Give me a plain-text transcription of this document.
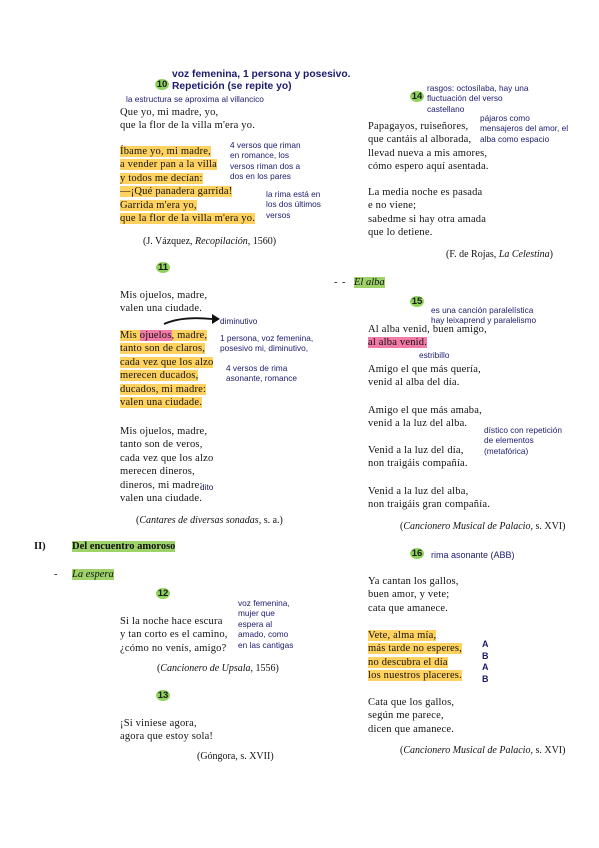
voz femenina, 1 persona y posesivo.
Repetición (se repite yo)
10
la estructura se aproxima al villancico
Que yo, mi madre, yo,
que la flor de la villa m'era yo.
Íbame yo, mi madre,
a vender pan a la villa
y todos me decían:
—¡Qué panadera garrida!
Garrida m'era yo,
que la flor de la villa m'era yo.
4 versos que riman
en romance, los
versos riman dos a
dos en los pares
la rima está en
los dos últimos
versos
(J. Vázquez, Recopilación, 1560)
11
Mis ojuelos, madre,
valen una ciudade.
diminutivo
Mis ojuelos, madre,
tanto son de claros,
cada vez que los alzo
merecen ducados,
ducados, mi madre:
valen una ciudade.
1 persona, voz femenina,
posesivo mi, diminutivo,
4 versos de rima
asonante, romance
Mis ojuelos, madre,
tanto son de veros,
cada vez que los alzo
merecen dineros,
dineros, mi madre:
valen una ciudade.
dito
(Cantares de diversas sonadas, s. a.)
II)	Del encuentro amoroso
- La espera
12
Si la noche hace escura
y tan corto es el camino,
¿cómo no venís, amigo?
voz femenina,
mujer que
espera al
amado, como
en las cantigas
(Cancionero de Upsala, 1556)
13
¡Si viniese agora,
agora que estoy sola!
(Góngora, s. XVII)
rasgos: octosílaba, hay una
fluctuación del verso
castellano
14
pájaros como
mensajeros del amor, el
alba como espacio
Papagayos, ruiseñores,
que cantáis al alborada,
llevad nueva a mis amores,
cómo espero aquí asentada.
La media noche es pasada
e no viene;
sabedme si hay otra amada
que lo detiene.
(F. de Rojas, La Celestina)
- - El alba
15
es una canción paralelística
hay leixaprend y paralelismo
Al alba venid, buen amigo,
al alba venid.
estribillo
Amigo el que más quería,
venid al alba del día.
Amigo el que más amaba,
venid a la luz del alba.
dístico con repetición
de elementos
(metafórica)
Venid a la luz del día,
non traigáis compañía.
Venid a la luz del alba,
non traigáis gran compañía.
(Cancionero Musical de Palacio, s. XVI)
16 rima asonante (ABB)
Ya cantan los gallos,
buen amor, y vete;
cata que amanece.
Vete, alma mía,
más tarde no esperes,
no descubra el día
los nuestros placeres.
A
B
A
B
Cata que los gallos,
según me parece,
dicen que amanece.
(Cancionero Musical de Palacio, s. XVI)
